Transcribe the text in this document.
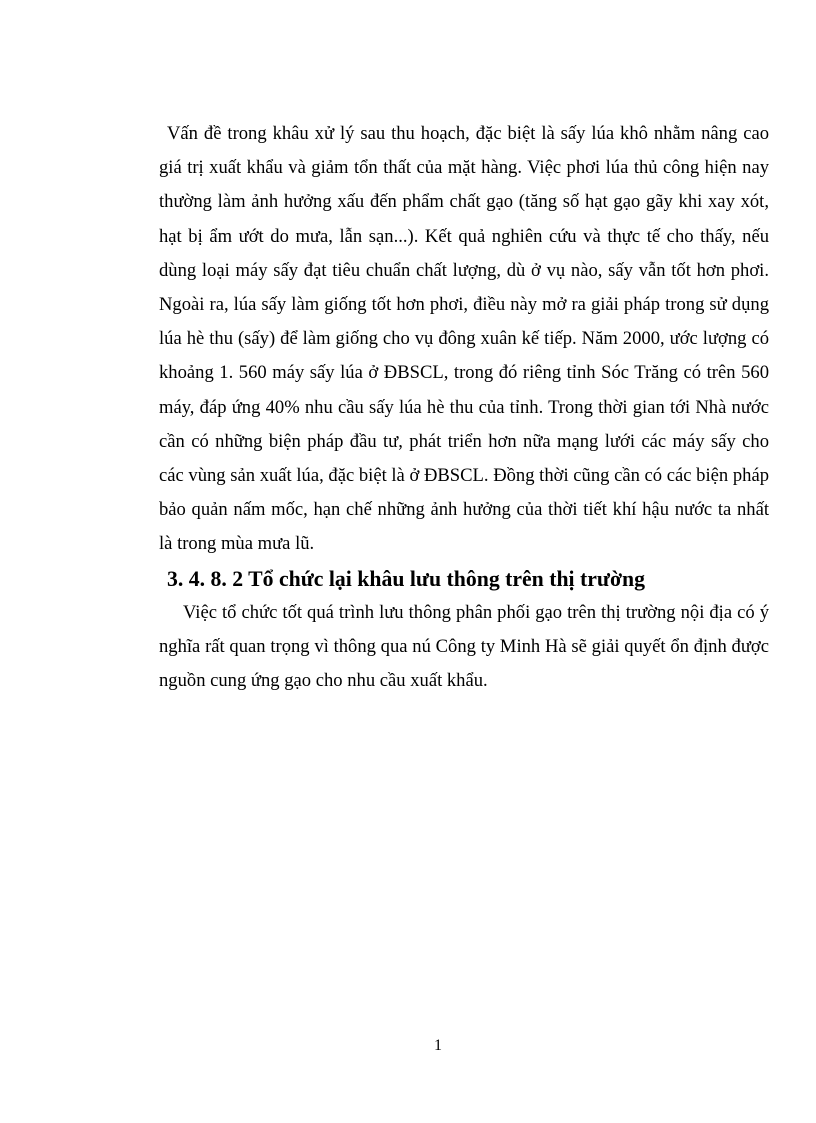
Vấn đề trong khâu xử lý sau thu hoạch, đặc biệt là sấy lúa khô nhằm nâng cao giá trị xuất khẩu và giảm tổn thất của mặt hàng. Việc phơi lúa thủ công hiện nay thường làm ảnh hưởng xấu đến phẩm chất gạo (tăng số hạt gạo gãy khi xay xót, hạt bị ẩm ướt do mưa, lẫn sạn...). Kết quả nghiên cứu và thực tế cho thấy, nếu dùng loại máy sấy đạt tiêu chuẩn chất lượng, dù ở vụ nào, sấy vẫn tốt hơn phơi. Ngoài ra, lúa sấy làm giống tốt hơn phơi, điều này mở ra giải pháp trong sử dụng lúa hè thu (sấy) để làm giống cho vụ đông xuân kế tiếp. Năm 2000, ước lượng có khoảng 1. 560 máy sấy lúa ở ĐBSCL, trong đó riêng tỉnh Sóc Trăng có trên 560 máy, đáp ứng 40% nhu cầu sấy lúa hè thu của tỉnh. Trong thời gian tới Nhà nước cần có những biện pháp đầu tư, phát triển hơn nữa mạng lưới các máy sấy cho các vùng sản xuất lúa, đặc biệt là ở ĐBSCL. Đồng thời cũng cần có các biện pháp bảo quản nấm mốc, hạn chế những ảnh hưởng của thời tiết khí hậu nước ta nhất là trong mùa mưa lũ.

3. 4. 8. 2 Tổ chức lại khâu lưu thông trên thị trường

Việc tổ chức tốt quá trình lưu thông phân phối gạo trên thị trường nội địa có ý nghĩa rất quan trọng vì thông qua nú Công ty Minh Hà sẽ giải quyết ổn định được nguồn cung ứng gạo cho nhu cầu xuất khẩu.

1
